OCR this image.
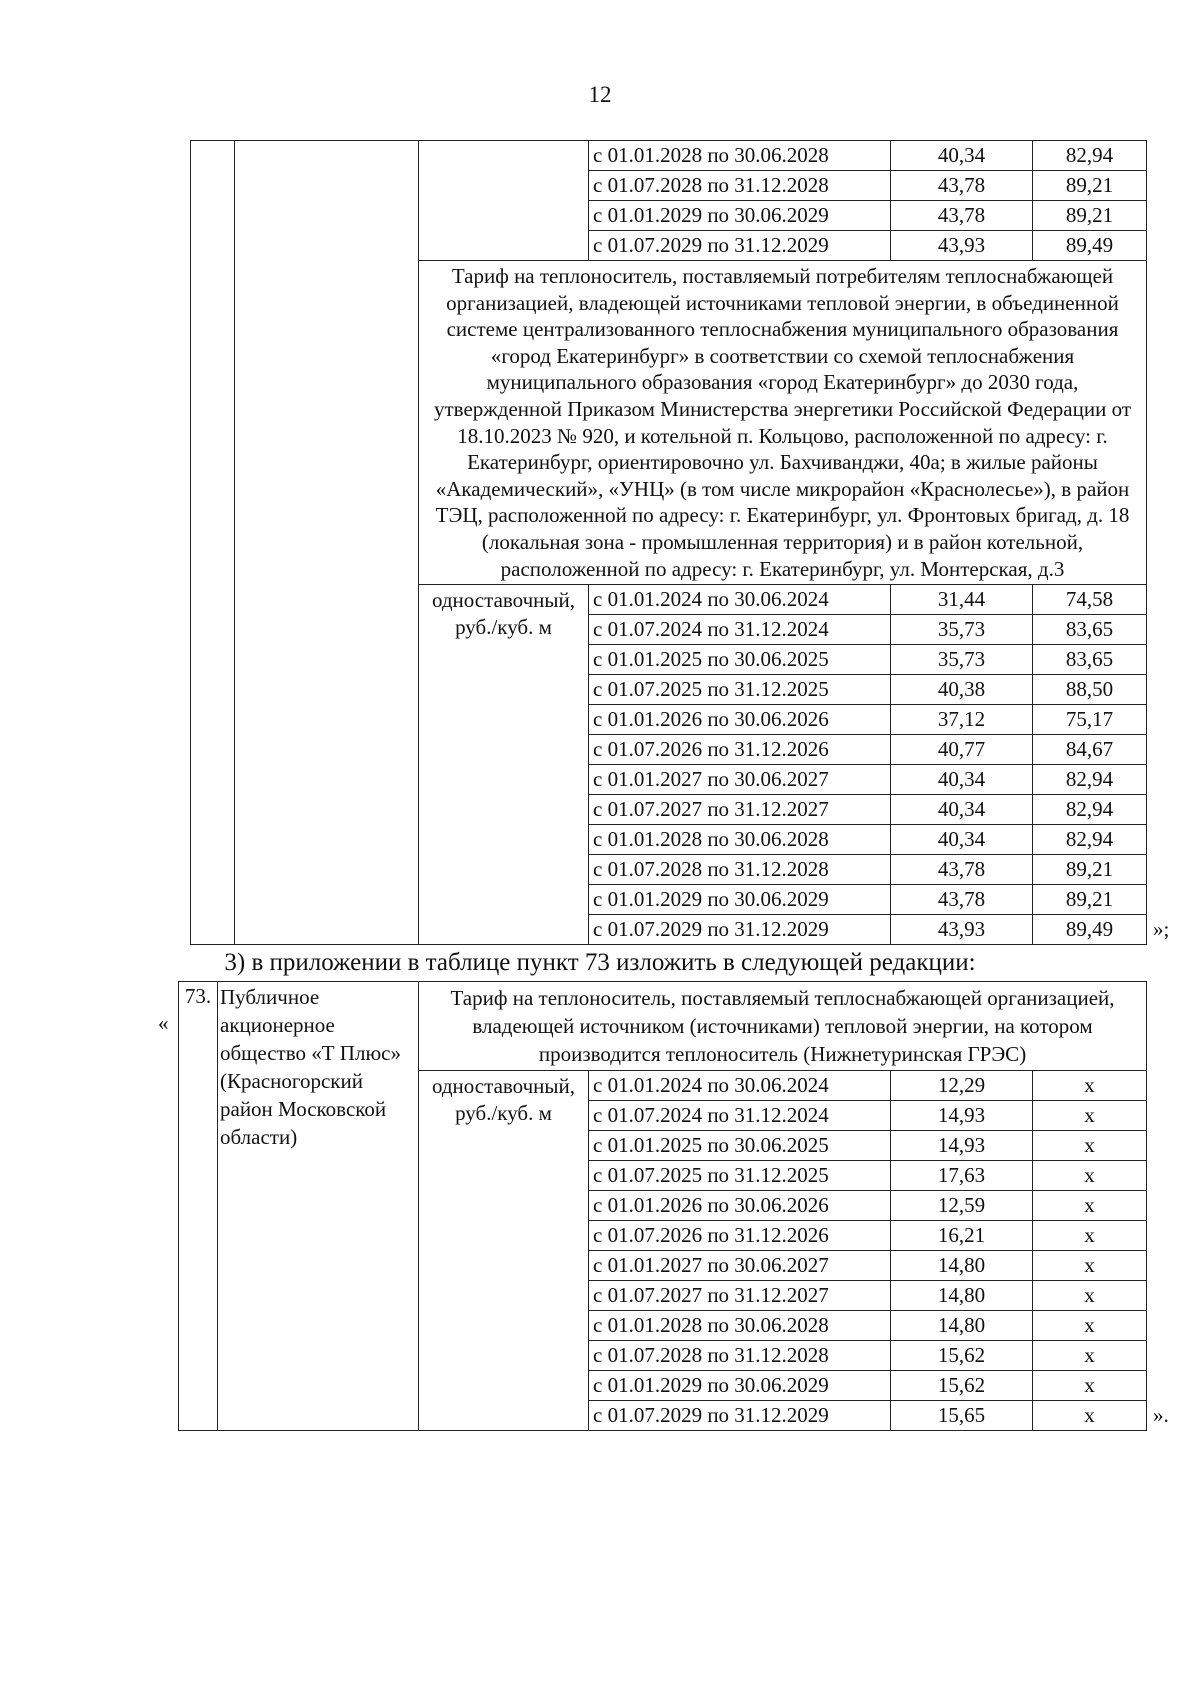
12
			с 01.01.2028 по 30.06.2028	40,34	82,94
			с 01.07.2028 по 31.12.2028	43,78	89,21
			с 01.01.2029 по 30.06.2029	43,78	89,21
			с 01.07.2029 по 31.12.2029	43,93	89,49
		Тариф на теплоноситель, поставляемый потребителям теплоснабжающей организацией, владеющей источниками тепловой энергии, в объединенной системе централизованного теплоснабжения муниципального образования «город Екатеринбург» в соответствии со схемой теплоснабжения муниципального образования «город Екатеринбург» до 2030 года, утвержденной Приказом Министерства энергетики Российской Федерации от 18.10.2023 № 920, и котельной п. Кольцово, расположенной по адресу: г. Екатеринбург, ориентировочно ул. Бахчиванджи, 40а; в жилые районы «Академический», «УНЦ» (в том числе микрорайон «Краснолесье»), в район ТЭЦ, расположенной по адресу: г. Екатеринбург, ул. Фронтовых бригад, д. 18 (локальная зона - промышленная территория) и в район котельной, расположенной по адресу: г. Екатеринбург, ул. Монтерская, д.3			
		одноставочный, руб./куб. м	с 01.01.2024 по 30.06.2024	31,44	74,58
			с 01.07.2024 по 31.12.2024	35,73	83,65
			с 01.01.2025 по 30.06.2025	35,73	83,65
			с 01.07.2025 по 31.12.2025	40,38	88,50
			с 01.01.2026 по 30.06.2026	37,12	75,17
			с 01.07.2026 по 31.12.2026	40,77	84,67
			с 01.01.2027 по 30.06.2027	40,34	82,94
			с 01.07.2027 по 31.12.2027	40,34	82,94
			с 01.01.2028 по 30.06.2028	40,34	82,94
			с 01.07.2028 по 31.12.2028	43,78	89,21
			с 01.01.2029 по 30.06.2029	43,78	89,21
			с 01.07.2029 по 31.12.2029	43,93	89,49 »;
3) в приложении в таблице пункт 73 изложить в следующей редакции:
«
73.	Публичное акционерное общество «Т Плюс» (Красногорский район Московской области)	Тариф на теплоноситель, поставляемый теплоснабжающей организацией, владеющей источником (источниками) тепловой энергии, на котором производится теплоноситель (Нижнетуринская ГРЭС)			
		одноставочный, руб./куб. м	с 01.01.2024 по 30.06.2024	12,29	x
			с 01.07.2024 по 31.12.2024	14,93	x
			с 01.01.2025 по 30.06.2025	14,93	x
			с 01.07.2025 по 31.12.2025	17,63	x
			с 01.01.2026 по 30.06.2026	12,59	x
			с 01.07.2026 по 31.12.2026	16,21	x
			с 01.01.2027 по 30.06.2027	14,80	x
			с 01.07.2027 по 31.12.2027	14,80	x
			с 01.01.2028 по 30.06.2028	14,80	x
			с 01.07.2028 по 31.12.2028	15,62	x
			с 01.01.2029 по 30.06.2029	15,62	x
			с 01.07.2029 по 31.12.2029	15,65	x	».
